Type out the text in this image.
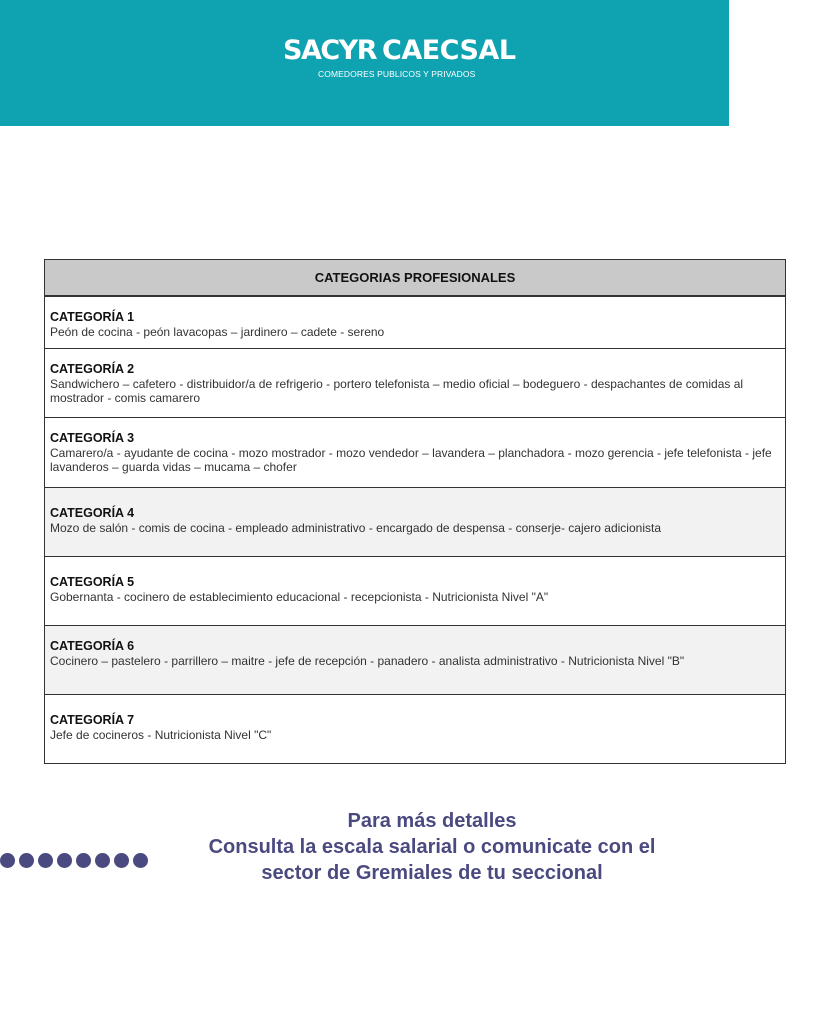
SACYR CAECSAL
COMEDORES PUBLICOS Y PRIVADOS
CATEGORIAS PROFESIONALES
CATEGORÍA 1
Peón de cocina - peón lavacopas – jardinero – cadete - sereno
CATEGORÍA 2
Sandwichero – cafetero - distribuidor/a de refrigerio - portero telefonista – medio oficial – bodeguero - despachantes de comidas al mostrador - comis camarero
CATEGORÍA 3
Camarero/a - ayudante de cocina - mozo mostrador - mozo vendedor – lavandera – planchadora - mozo gerencia - jefe telefonista - jefe lavanderos – guarda vidas – mucama – chofer
CATEGORÍA 4
Mozo de salón - comis de cocina - empleado administrativo - encargado de despensa - conserje- cajero adicionista
CATEGORÍA 5
Gobernanta - cocinero de establecimiento educacional - recepcionista - Nutricionista Nivel "A"
CATEGORÍA 6
Cocinero – pastelero - parrillero – maitre - jefe de recepción - panadero - analista administrativo - Nutricionista Nivel "B"
CATEGORÍA 7
Jefe de cocineros - Nutricionista Nivel "C"
Para más detalles
Consulta la escala salarial o comunicate con el
sector de Gremiales de tu seccional
